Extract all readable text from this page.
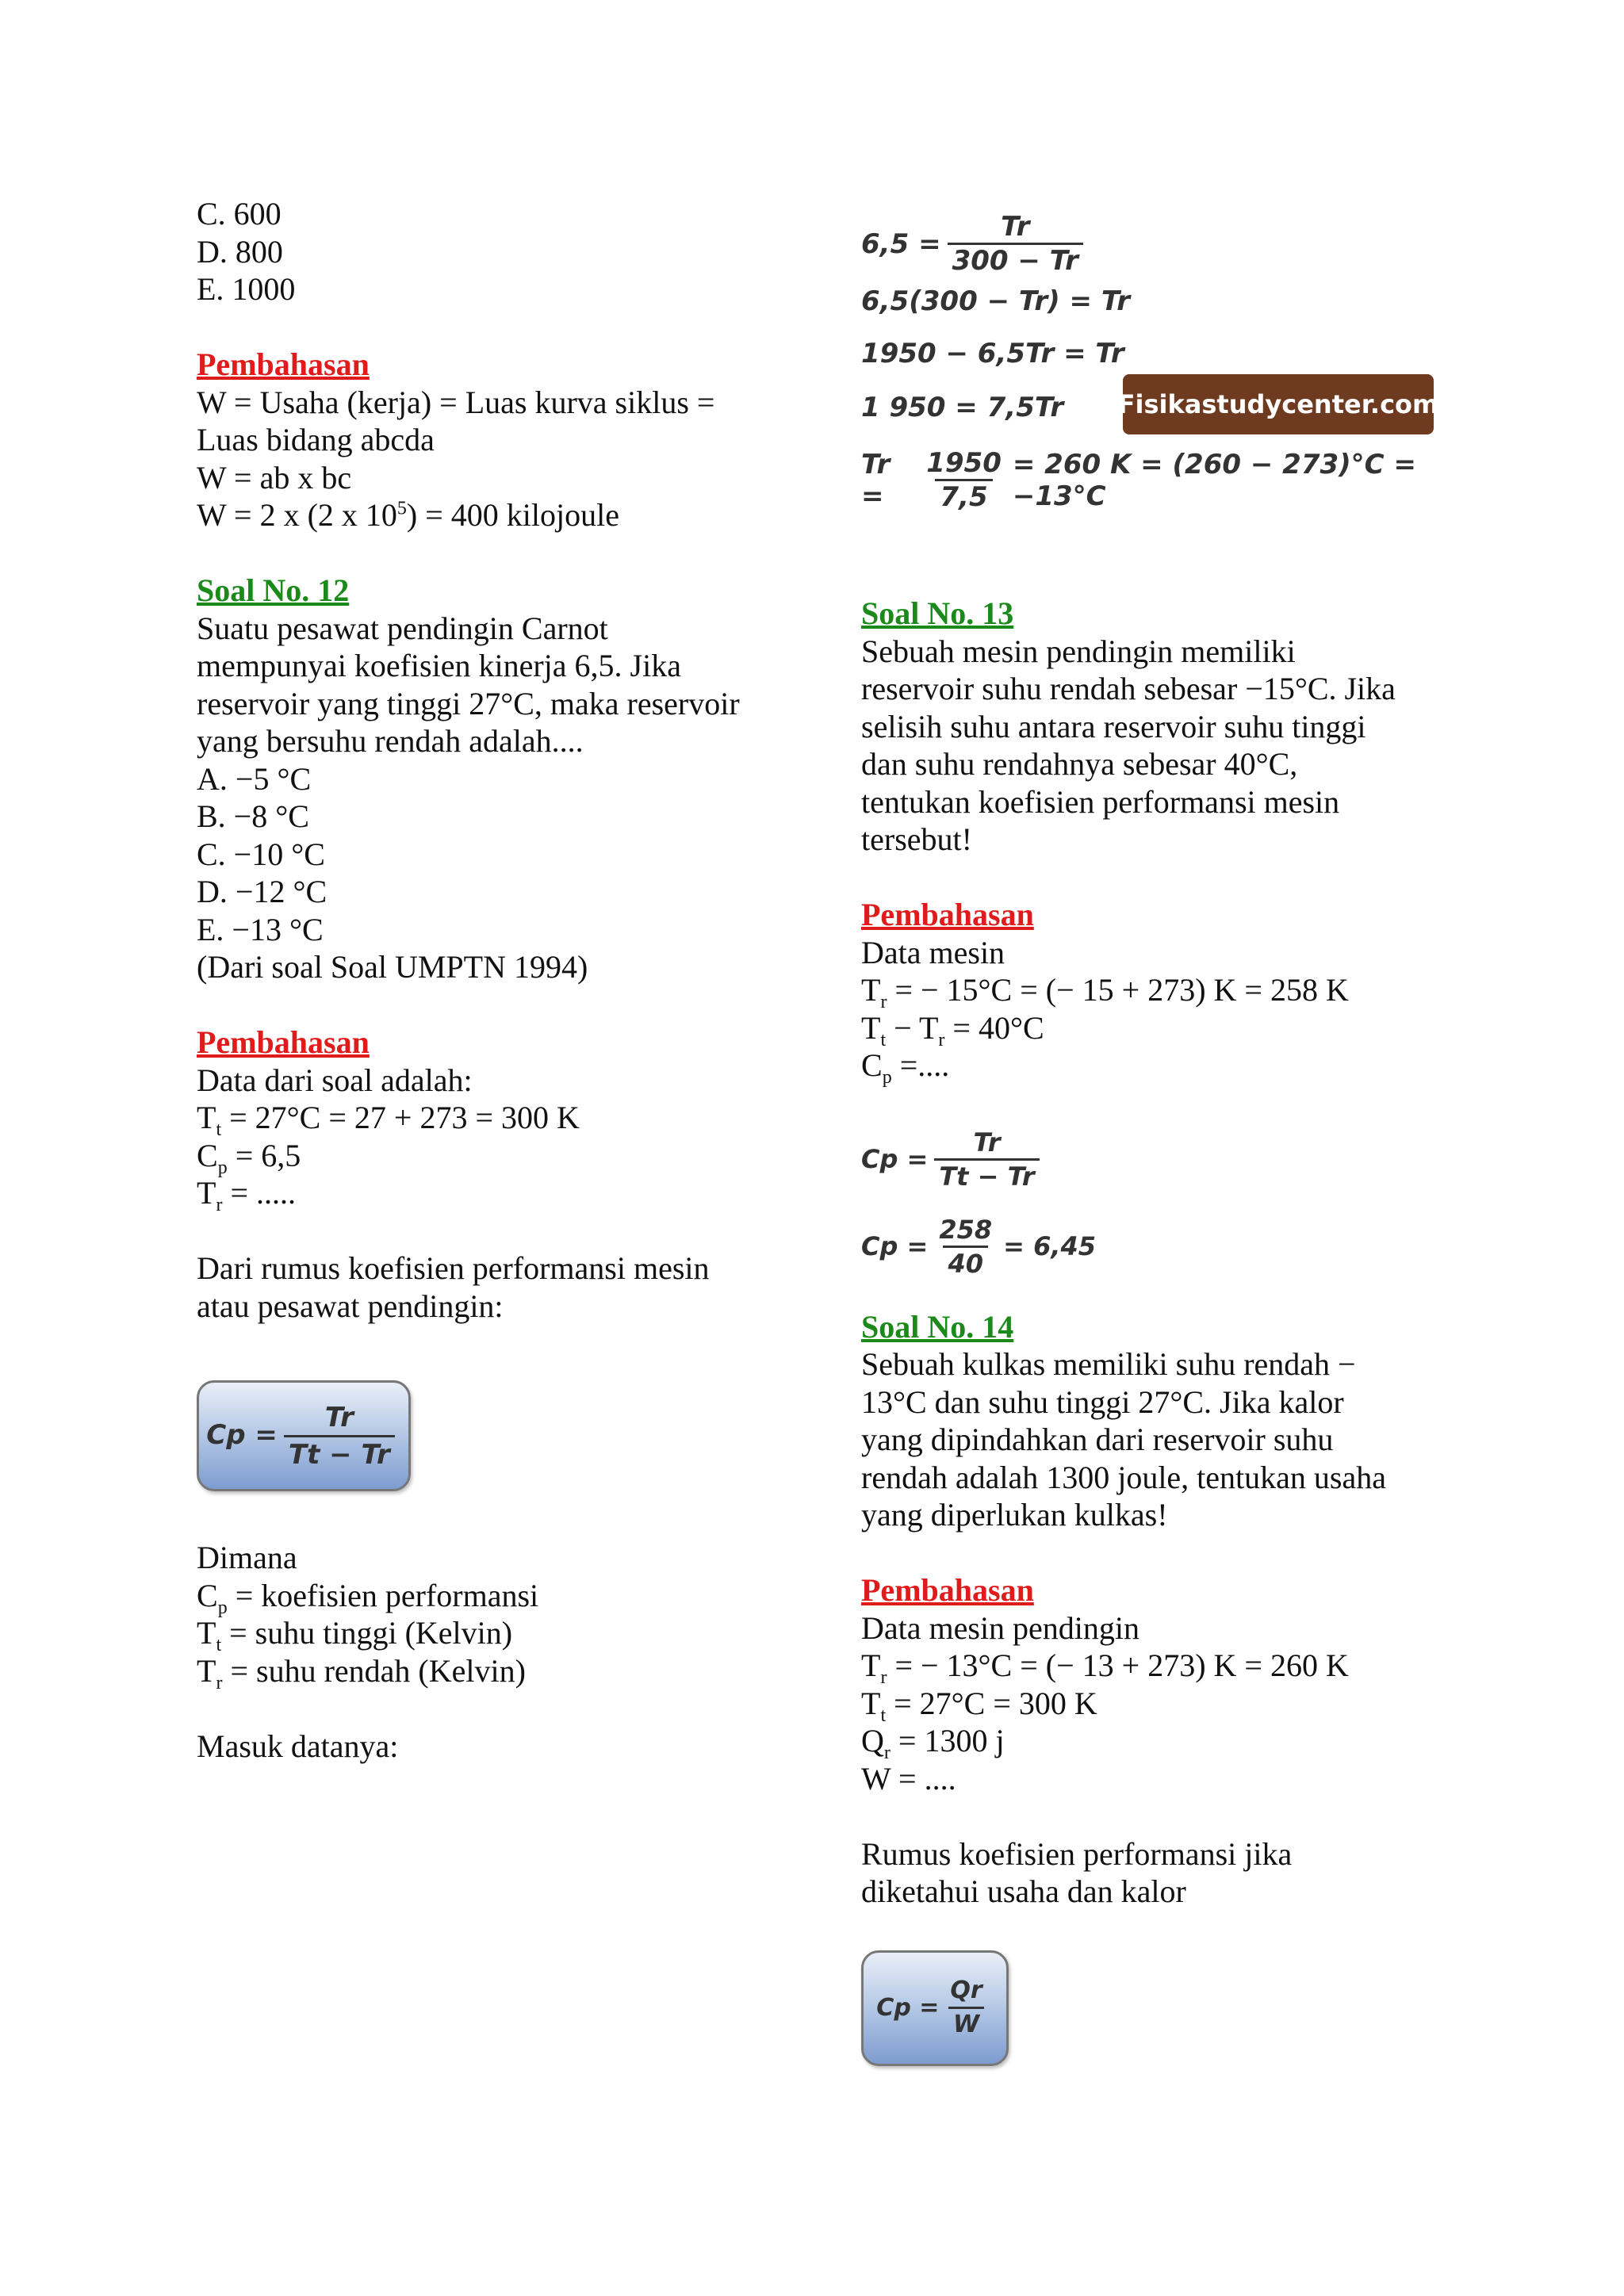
C. 600
D. 800
E. 1000
Pembahasan
W = Usaha (kerja) = Luas kurva siklus =
Luas bidang abcda
W = ab x bc
W = 2 x (2 x $10^5) = 400$ kilojoule
Soal No. 12
Suatu pesawat pendingin Carnot
mempunyai koefisien kinerja 6,5. Jika
reservoir yang tinggi 27°C, maka reservoir
yang bersuhu rendah adalah....
A. −5 °C
B. −8 °C
C. −10 °C
D. −12 °C
E. −13 °C
(Dari soal Soal UMPTN 1994)
Pembahasan
Data dari soal adalah:
$T_t = 27^\circ C = 27 + 273 = 300$ K
$C_p = 6,5$
$T_r$ = .....
Dari rumus koefisien performansi mesin
atau pesawat pendingin:
$Cp = \frac{Tr}{Tt - Tr}$
Dimana
$C_p$ = koefisien performansi
$T_t$ = suhu tinggi (Kelvin)
$T_r$ = suhu rendah (Kelvin)
Masuk datanya:
$6,5 = \frac{Tr}{300 - Tr}$
6,5(300 − Tr) = Tr
1950 − 6,5Tr = Tr
1 950 = 7,5Tr
Tr =	$\frac{1950}{7,5} = 260$ K = (260 − 273)°C = −13°C
Fisikastudycenter.com
Soal No. 13
Sebuah mesin pendingin memiliki
reservoir suhu rendah sebesar −15°C. Jika
selisih suhu antara reservoir suhu tinggi
dan suhu rendahnya sebesar 40°C,
tentukan koefisien performansi mesin
tersebut!
Pembahasan
Data mesin
$T_r$ = − 15°C = (− 15 + 273) K = 258 K
$T_t - T_r = 40^\circ C$
$C_p$ =....
$Cp = \frac{Tr}{Tt - Tr}$
$Cp = \frac{258}{40} = 6,45$
Soal No. 14
Sebuah kulkas memiliki suhu rendah −
13°C dan suhu tinggi 27°C. Jika kalor
yang dipindahkan dari reservoir suhu
rendah adalah 1300 joule, tentukan usaha
yang diperlukan kulkas!
Pembahasan
Data mesin pendingin
$T_r$ = − 13°C = (− 13 + 273) K = 260 K
$T_t = 27^\circ C = 300$ K
$Q_r = 1300$ j
W = ....
Rumus koefisien performansi jika
diketahui usaha dan kalor
$Cp = \frac{Qr}{W}$
